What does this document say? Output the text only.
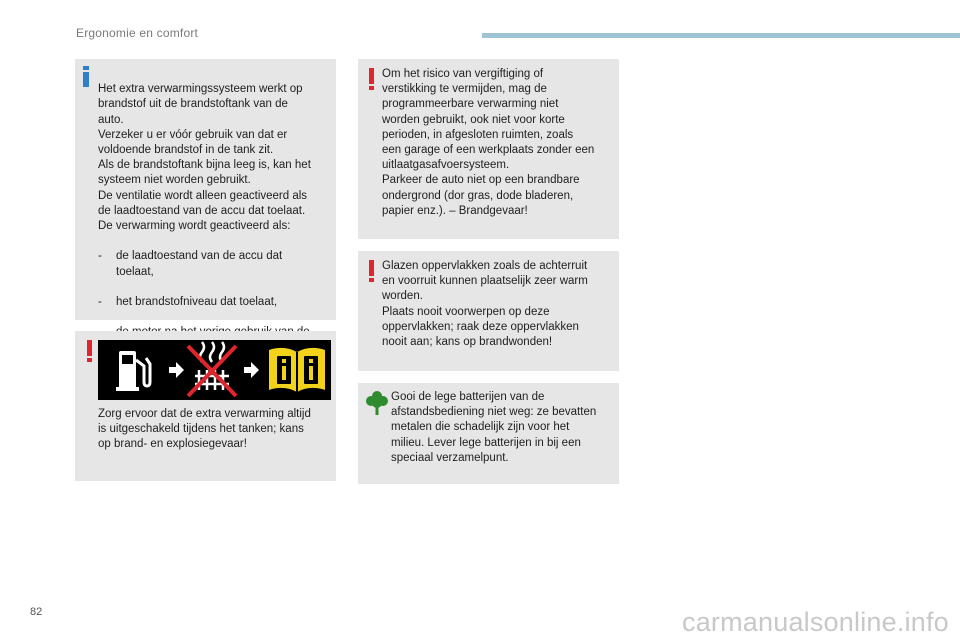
Ergonomie en comfort

Het extra verwarmingssysteem werkt op
brandstof uit de brandstoftank van de
auto.
Verzeker u er vóór gebruik van dat er
voldoende brandstof in de tank zit.
Als de brandstoftank bijna leeg is, kan het
systeem niet worden gebruikt.
De ventilatie wordt alleen geactiveerd als
de laadtoestand van de accu dat toelaat.
De verwarming wordt geactiveerd als:

-	de laadtoestand van de accu dat
toelaat,

-	het brandstofniveau dat toelaat,

Zorg ervoor dat de extra verwarming altijd
is uitgeschakeld tijdens het tanken; kans
op brand- en explosiegevaar!
Om het risico van vergiftiging of
verstikking te vermijden, mag de
programmeerbare verwarming niet
worden gebruikt, ook niet voor korte
perioden, in afgesloten ruimten, zoals
een garage of een werkplaats zonder een
uitlaatgasafvoersysteem.
Parkeer de auto niet op een brandbare
ondergrond (dor gras, dode bladeren,
papier enz.). – Brandgevaar!
Glazen oppervlakken zoals de achterruit
en voorruit kunnen plaatselijk zeer warm
worden.
Plaats nooit voorwerpen op deze
oppervlakken; raak deze oppervlakken
nooit aan; kans op brandwonden!
Gooi de lege batterijen van de
afstandsbediening niet weg: ze bevatten
metalen die schadelijk zijn voor het
milieu. Lever lege batterijen in bij een
speciaal verzamelpunt.
82	carmanualsonline.info
